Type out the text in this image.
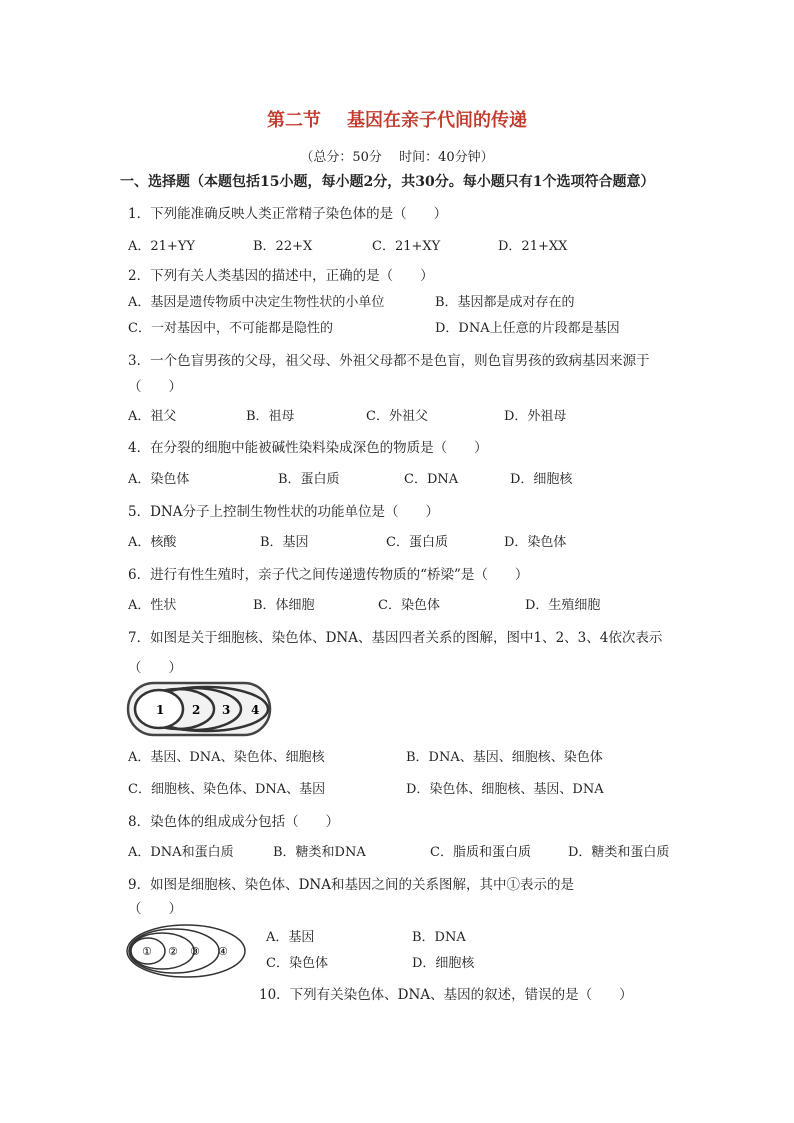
第二节 基因在亲子代间的传递
（总分：50分　 时间：40分钟）
一、选择题（本题包括15小题，每小题2分，共30分。每小题只有1个选项符合题意）
1．下列能准确反映人类正常精子染色体的是（　　）
A．21+YY	B．22+X	C．21+XY	D．21+XX
2．下列有关人类基因的描述中，正确的是（　　）
A．基因是遗传物质中决定生物性状的小单位	B．基因都是成对存在的
C．一对基因中，不可能都是隐性的	D．DNA上任意的片段都是基因
3．一个色盲男孩的父母，祖父母、外祖父母都不是色盲，则色盲男孩的致病基因来源于
（　　）
A．祖父	B．祖母	C．外祖父	D．外祖母
4．在分裂的细胞中能被碱性染料染成深色的物质是（　　）
A．染色体	B．蛋白质	C．DNA	D．细胞核
5．DNA分子上控制生物性状的功能单位是（　　）
A．核酸	B．基因	C．蛋白质	D．染色体
6．进行有性生殖时，亲子代之间传递遗传物质的“桥梁”是（　　）
A．性状	B．体细胞	C．染色体	D．生殖细胞
7．如图是关于细胞核、染色体、DNA、基因四者关系的图解，图中1、2、3、4依次表示
（　　）
1 2 3 4
A．基因、DNA、染色体、细胞核	B．DNA、基因、细胞核、染色体
C．细胞核、染色体、DNA、基因	D．染色体、细胞核、基因、DNA
8．染色体的组成成分包括（　　）
A．DNA和蛋白质	B．糖类和DNA	C．脂质和蛋白质	D．糖类和蛋白质
9．如图是细胞核、染色体、DNA和基因之间的关系图解，其中①表示的是
（　　）
① ② ③ ④
A．基因	B．DNA
C．染色体	D．细胞核
10．下列有关染色体、DNA、基因的叙述，错误的是（　　）
